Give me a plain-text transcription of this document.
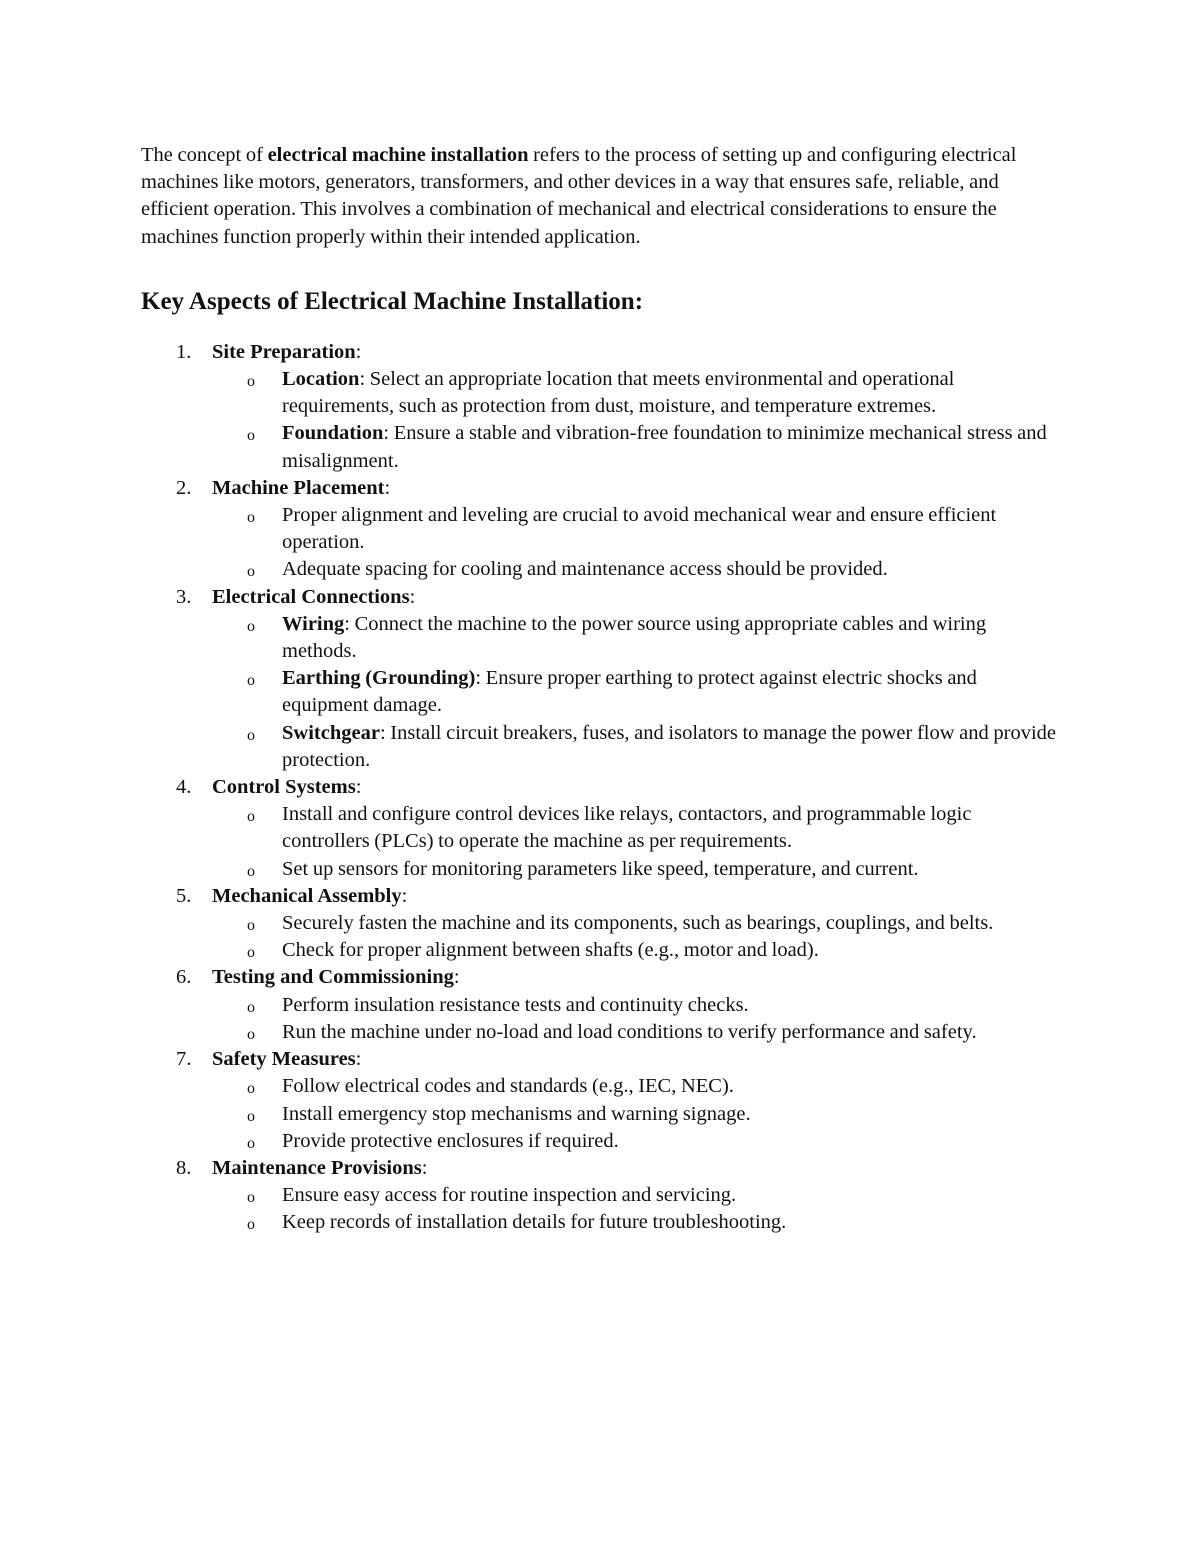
The concept of electrical machine installation refers to the process of setting up and configuring electrical machines like motors, generators, transformers, and other devices in a way that ensures safe, reliable, and efficient operation. This involves a combination of mechanical and electrical considerations to ensure the machines function properly within their intended application.

Key Aspects of Electrical Machine Installation:
1. Site Preparation:
o Location: Select an appropriate location that meets environmental and operational requirements, such as protection from dust, moisture, and temperature extremes.
o Foundation: Ensure a stable and vibration-free foundation to minimize mechanical stress and misalignment.
2. Machine Placement:
o Proper alignment and leveling are crucial to avoid mechanical wear and ensure efficient operation.
o Adequate spacing for cooling and maintenance access should be provided.
3. Electrical Connections:
o Wiring: Connect the machine to the power source using appropriate cables and wiring methods.
o Earthing (Grounding): Ensure proper earthing to protect against electric shocks and equipment damage.
o Switchgear: Install circuit breakers, fuses, and isolators to manage the power flow and provide protection.
4. Control Systems:
o Install and configure control devices like relays, contactors, and programmable logic controllers (PLCs) to operate the machine as per requirements.
o Set up sensors for monitoring parameters like speed, temperature, and current.
5. Mechanical Assembly:
o Securely fasten the machine and its components, such as bearings, couplings, and belts.
o Check for proper alignment between shafts (e.g., motor and load).
6. Testing and Commissioning:
o Perform insulation resistance tests and continuity checks.
o Run the machine under no-load and load conditions to verify performance and safety.
7. Safety Measures:
o Follow electrical codes and standards (e.g., IEC, NEC).
o Install emergency stop mechanisms and warning signage.
o Provide protective enclosures if required.
8. Maintenance Provisions:
o Ensure easy access for routine inspection and servicing.
o Keep records of installation details for future troubleshooting.
